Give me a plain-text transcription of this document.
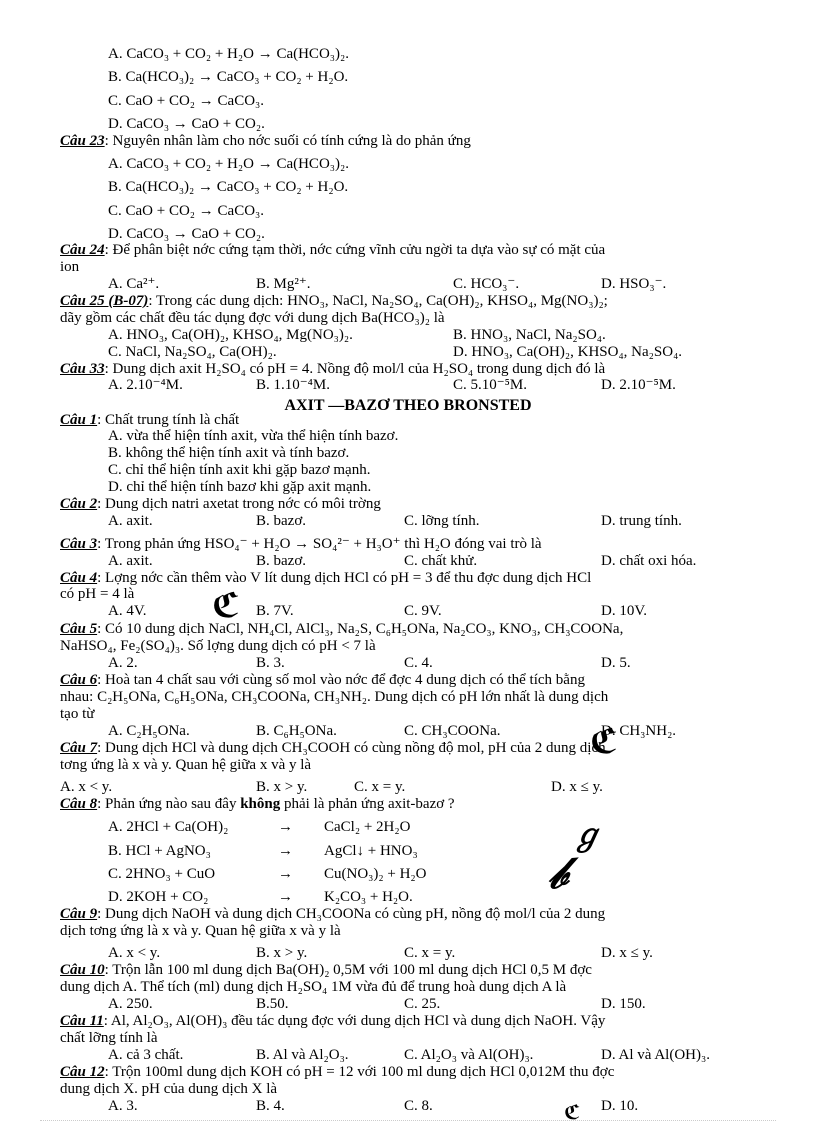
A. CaCO₃ + CO₂ + H₂O → Ca(HCO₃)₂.
B. Ca(HCO₃)₂ → CaCO₃ + CO₂ + H₂O.
C. CaO + CO₂ → CaCO₃.
D. CaCO₃ → CaO + CO₂.
Câu 23: Nguyên nhân làm cho nớc suối có tính cứng là do phản ứng
A. CaCO₃ + CO₂ + H₂O → Ca(HCO₃)₂.
B. Ca(HCO₃)₂ → CaCO₃ + CO₂ + H₂O.
C. CaO + CO₂ → CaCO₃.
D. CaCO₃ → CaO + CO₂.
Câu 24: Để phân biệt nớc cứng tạm thời, nớc cứng vĩnh cửu ngời ta dựa vào sự có mặt của
ion
A. Ca²⁺.	B. Mg²⁺.	C. HCO₃⁻.	D. HSO₃⁻.
Câu 25 (B-07): Trong các dung dịch: HNO₃, NaCl, Na₂SO₄, Ca(OH)₂, KHSO₄, Mg(NO₃)₂;
dãy gồm các chất đều tác dụng đợc với dung dịch Ba(HCO₃)₂ là
A. HNO₃, Ca(OH)₂, KHSO₄, Mg(NO₃)₂.	B. HNO₃, NaCl, Na₂SO₄.
C. NaCl, Na₂SO₄, Ca(OH)₂.	D. HNO₃, Ca(OH)₂, KHSO₄, Na₂SO₄.
Câu 33: Dung dịch axit H₂SO₄ có pH = 4. Nồng độ mol/l của H₂SO₄ trong dung dịch đó là
A. 2.10⁻⁴M.	B. 1.10⁻⁴M.	C. 5.10⁻⁵M.	D. 2.10⁻⁵M.
AXIT —BAZƠ THEO BRONSTED
Câu 1: Chất trung tính là chất
A. vừa thể hiện tính axit, vừa thể hiện tính bazơ.
B. không thể hiện tính axit và tính bazơ.
C. chỉ thể hiện tính axit khi gặp bazơ mạnh.
D. chỉ thể hiện tính bazơ khi gặp axit mạnh.
Câu 2: Dung dịch natri axetat trong nớc có môi trờng
A. axit.	B. bazơ.	C. lỡng tính.	D. trung tính.
Câu 3: Trong phản ứng HSO₄⁻ + H₂O → SO₄²⁻ + H₃O⁺ thì H₂O đóng vai trò là
A. axit.	B. bazơ.	C. chất khử.	D. chất oxi hóa.
Câu 4: Lợng nớc cần thêm vào V lít dung dịch HCl có pH = 3 để thu đợc dung dịch HCl
có pH = 4 là
A. 4V.	B. 7V.	C. 9V.	D. 10V.
Câu 5: Có 10 dung dịch NaCl, NH₄Cl, AlCl₃, Na₂S, C₆H₅ONa, Na₂CO₃, KNO₃, CH₃COONa,
NaHSO₄, Fe₂(SO₄)₃. Số lợng dung dịch có pH < 7 là
A. 2.	B. 3.	C. 4.	D. 5.
Câu 6: Hoà tan 4 chất sau với cùng số mol vào nớc để đợc 4 dung dịch có thể tích bằng
nhau: C₂H₅ONa, C₆H₅ONa, CH₃COONa, CH₃NH₂. Dung dịch có pH lớn nhất là dung dịch
tạo từ
A. C₂H₅ONa.	B. C₆H₅ONa.	C. CH₃COONa.	D. CH₃NH₂.
Câu 7: Dung dịch HCl và dung dịch CH₃COOH có cùng nồng độ mol, pH của 2 dung dịch
tơng ứng là x và y. Quan hệ giữa x và y là
A. x < y.	B. x > y.	C. x = y.	D. x ≤ y.
Câu 8: Phản ứng nào sau đây không phải là phản ứng axit-bazơ ?
A. 2HCl + Ca(OH)₂	→	CaCl₂ + 2H₂O
B. HCl + AgNO₃	→	AgCl↓ + HNO₃
C. 2HNO₃ + CuO	→	Cu(NO₃)₂ + H₂O
D. 2KOH + CO₂	→	K₂CO₃ + H₂O.
Câu 9: Dung dịch NaOH và dung dịch CH₃COONa có cùng pH, nồng độ mol/l của 2 dung
dịch tơng ứng là x và y. Quan hệ giữa x và y là
A. x < y.	B. x > y.	C. x = y.	D. x ≤ y.
Câu 10: Trộn lẫn 100 ml dung dịch Ba(OH)₂ 0,5M với 100 ml dung dịch HCl 0,5 M đợc
dung dịch A. Thể tích (ml) dung dịch H₂SO₄ 1M vừa đủ để trung hoà dung dịch A là
A. 250.	B.50.	C. 25.	D. 150.
Câu 11: Al, Al₂O₃, Al(OH)₃ đều tác dụng đợc với dung dịch HCl và dung dịch NaOH. Vậy
chất lỡng tính là
A. cả 3 chất.	B. Al và Al₂O₃.	C. Al₂O₃ và Al(OH)₃.	D. Al và Al(OH)₃.
Câu 12: Trộn 100ml dung dịch KOH có pH = 12 với 100 ml dung dịch HCl 0,012M thu đợc
dung dịch X. pH của dung dịch X là
A. 3.	B. 4.	C. 8.	D. 10.
ℭ
ℭ
ℊ
𝒷
ℭ
